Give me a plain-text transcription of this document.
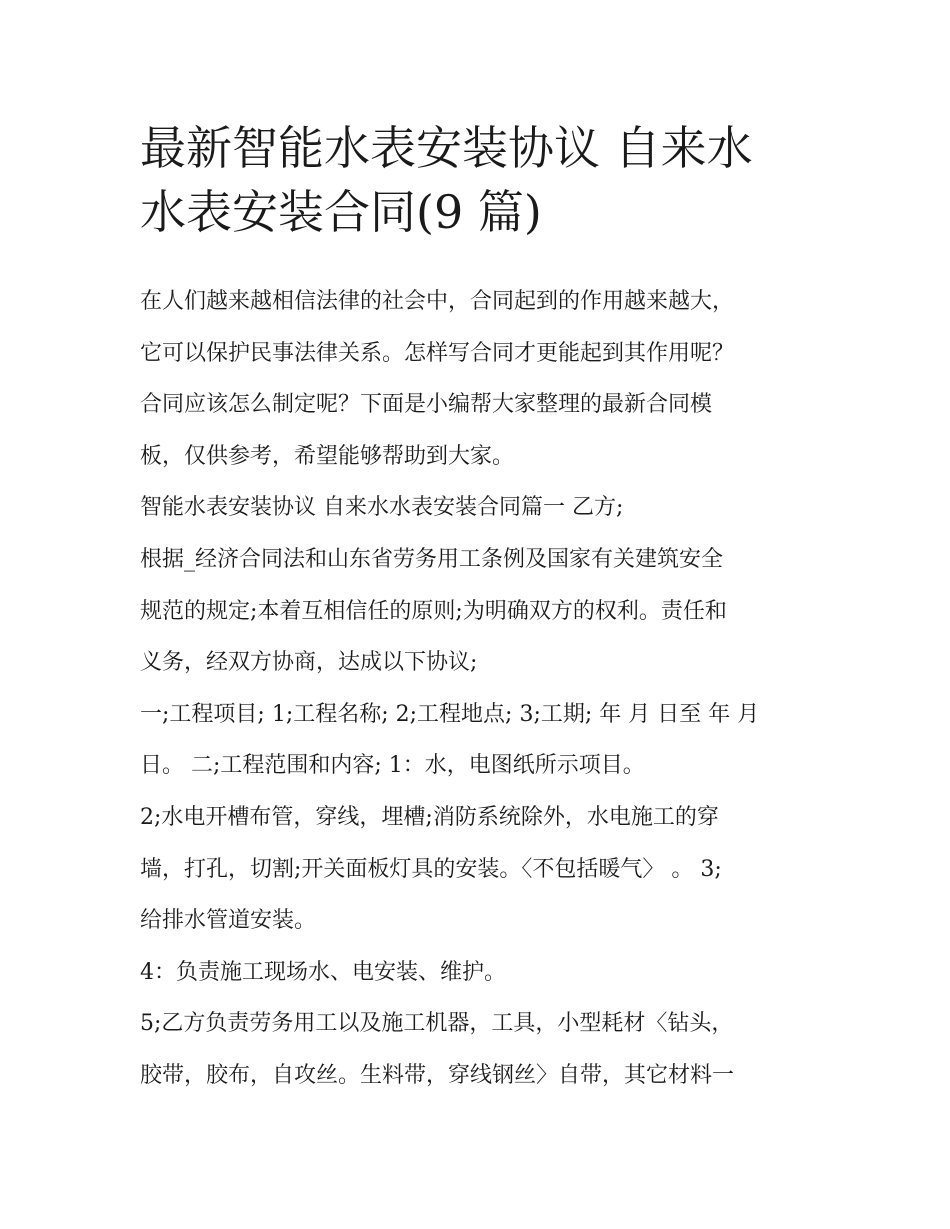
最新智能水表安装协议 自来水
水表安装合同(9 篇)
在人们越来越相信法律的社会中，合同起到的作用越来越大，
它可以保护民事法律关系。怎样写合同才更能起到其作用呢？
合同应该怎么制定呢？下面是小编帮大家整理的最新合同模
板，仅供参考，希望能够帮助到大家。
智能水表安装协议 自来水水表安装合同篇一 乙方;
根据_经济合同法和山东省劳务用工条例及国家有关建筑安全
规范的规定;本着互相信任的原则;为明确双方的权利。责任和
义务，经双方协商，达成以下协议;
一;工程项目; 1;工程名称; 2;工程地点; 3;工期; 年 月 日至 年 月
日。 二;工程范围和内容; 1：水，电图纸所示项目。
2;水电开槽布管，穿线，埋槽;消防系统除外，水电施工的穿
墙，打孔，切割;开关面板灯具的安装。〈不包括暖气〉 。 3;
给排水管道安装。
4：负责施工现场水、电安装、维护。
5;乙方负责劳务用工以及施工机器，工具，小型耗材〈钻头，
胶带，胶布，自攻丝。生料带，穿线钢丝〉自带，其它材料一
